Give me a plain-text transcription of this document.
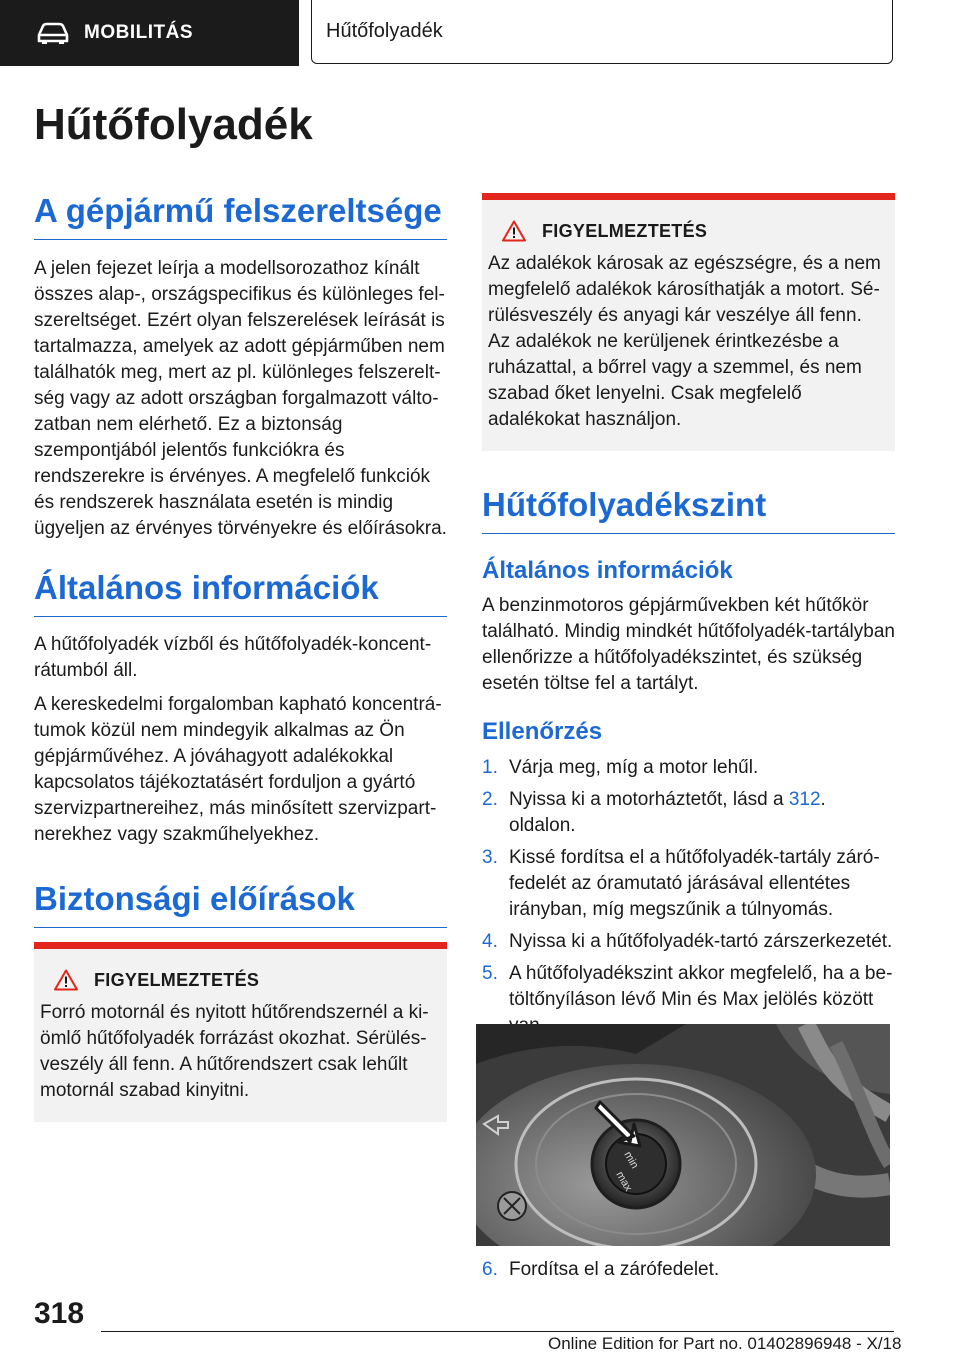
MOBILITÁS	Hűtőfolyadék
Hűtőfolyadék
A gépjármű felszereltsége

A jelen fejezet leírja a modellsorozathoz kínált összes alap-, országspecifikus és különleges felszereltséget. Ezért olyan felszerelések leírását is tartalmazza, amelyek az adott gépjárműben nem találhatók meg, mert az pl. különleges felszereltség vagy az adott országban forgalmazott változatban nem elérhető. Ez a biztonság szempontjából jelentős funkciókra és rendszerekre is érvényes. A megfelelő funkciók és rendszerek használata esetén is mindig ügyeljen az érvényes törvényekre és előírásokra.

Általános információk

A hűtőfolyadék vízből és hűtőfolyadék-koncentrátumból áll.

A kereskedelmi forgalomban kapható koncentrátumok közül nem mindegyik alkalmas az Ön gépjárművéhez. A jóváhagyott adalékokkal kapcsolatos tájékoztatásért forduljon a gyártó szervizpartnereihez, más minősített szervizpartnerekhez vagy szakműhelyekhez.

Biztonsági előírások
FIGYELMEZTETÉS

Forró motornál és nyitott hűtőrendszernél a kiömlő hűtőfolyadék forrázást okozhat. Sérülésveszély áll fenn. A hűtőrendszert csak lehűlt motornál szabad kinyitni.

FIGYELMEZTETÉS

Az adalékok károsak az egészségre, és a nem megfelelő adalékok károsíthatják a motort. Sérülésveszély és anyagi kár veszélye áll fenn. Az adalékok ne kerüljenek érintkezésbe a ruházattal, a bőrrel vagy a szemmel, és nem szabad őket lenyelni. Csak megfelelő adalékokat használjon.

Hűtőfolyadékszint
Általános információk

A benzinmotoros gépjárművekben két hűtőkör található. Mindig mindkét hűtőfolyadék-tartályban ellenőrizze a hűtőfolyadékszintet, és szükség esetén töltse fel a tartályt.

Ellenőrzés
1. Várja meg, míg a motor lehűl.
2. Nyissa ki a motorháztetőt, lásd a 312. oldalon.
3. Kissé fordítsa el a hűtőfolyadék-tartály zárófedelét az óramutató járásával ellentétes irányban, míg megszűnik a túlnyomás.
4. Nyissa ki a hűtőfolyadék-tartó zárszerkezetét.
5. A hűtőfolyadékszint akkor megfelelő, ha a betöltőnyíláson lévő Min és Max jelölés között
6. Fordítsa el a zárófedelet.
min
max
318
Online Edition for Part no. 01402896948 - X/18
